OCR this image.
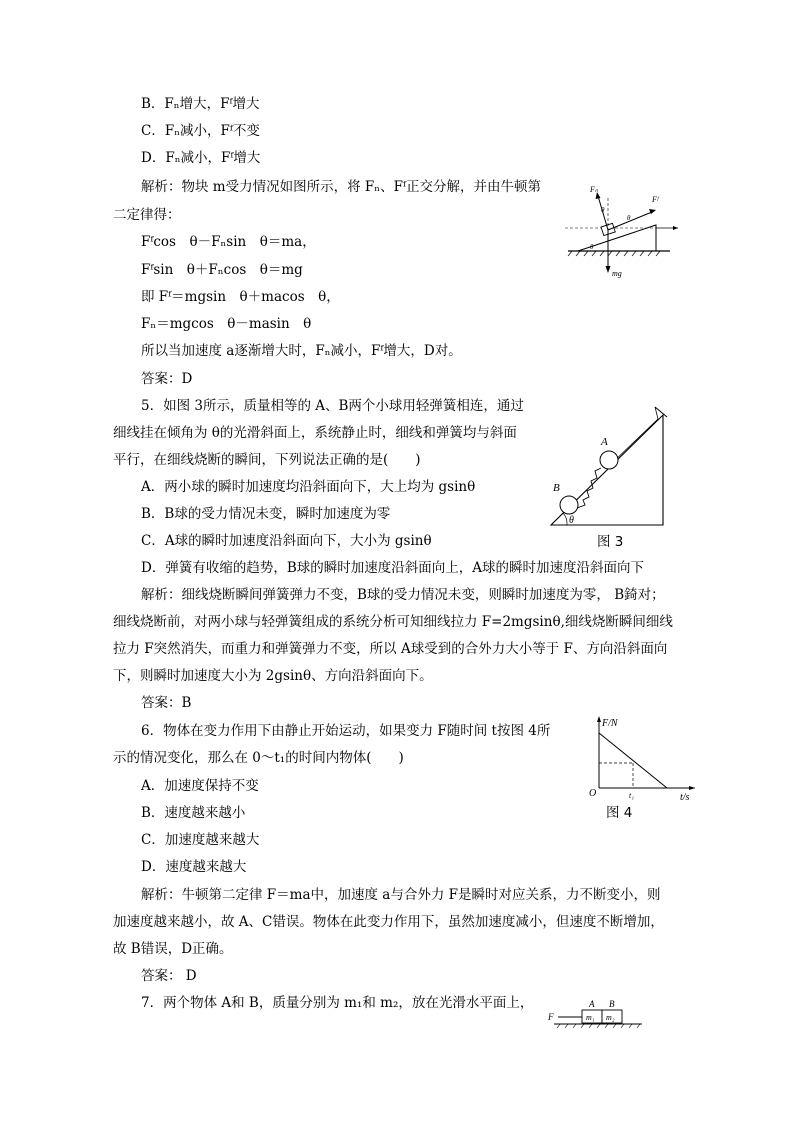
B．Fₙ增大，Fᶠ增大
C．Fₙ减小，Fᶠ不变
D．Fₙ减小，Fᶠ增大
解析：物块 m受力情况如图所示，将 Fₙ、Fᶠ正交分解，并由牛顿第
二定律得：
Fᶠcos　θ－Fₙsin　θ＝ma，
Fᶠsin　θ＋Fₙcos　θ＝mg
即 Fᶠ＝mgsin　θ＋macos　θ，
Fₙ＝mgcos　θ－masin　θ
所以当加速度 a逐渐增大时，Fₙ减小，Fᶠ增大，D对。
答案：D
5．如图 3所示，质量相等的 A、B两个小球用轻弹簧相连，通过
细线挂在倾角为 θ的光滑斜面上，系统静止时，细线和弹簧均与斜面
平行，在细线烧断的瞬间，下列说法正确的是(　　)
A．两小球的瞬时加速度均沿斜面向下，大上均为 gsinθ
B．B球的受力情况未变，瞬时加速度为零
C．A球的瞬时加速度沿斜面向下，大小为 gsinθ
D．弹簧有收缩的趋势，B球的瞬时加速度沿斜面向上，A球的瞬时加速度沿斜面向下
解析：细线烧断瞬间弹簧弹力不变，B球的受力情况未变，则瞬时加速度为零， B錡对；
细线烧断前，对两小球与轻弹簧组成的系统分析可知细线拉力 F=2mgsinθ,细线烧断瞬间细线
拉力 F突然消失，而重力和弹簧弹力不变，所以 A球受到的合外力大小等于 F、方向沿斜面向
下，则瞬时加速度大小为 2gsinθ、方向沿斜面向下。
答案：B
6．物体在变力作用下由静止开始运动，如果变力 F随时间 t按图 4所
示的情况变化，那么在 0～t₁的时间内物体(　　)
A．加速度保持不变
B．速度越来越小
C．加速度越来越大
D．速度越来越大
解析：牛顿第二定律 F＝ma中，加速度 a与合外力 F是瞬时对应关系，力不断变小，则
加速度越来越小，故 A、C错误。物体在此变力作用下，虽然加速度减小，但速度不断增加，
故 B错误，D正确。
答案： D
7．两个物体 A和 B，质量分别为 m₁和 m₂，放在光滑水平面上，
Fₙ
Fᶠ
θ
θ
θ
mg
A
B
θ
图 3
F/N
t/s
O	t₁
图 4
F
A B
m₁ m₂
